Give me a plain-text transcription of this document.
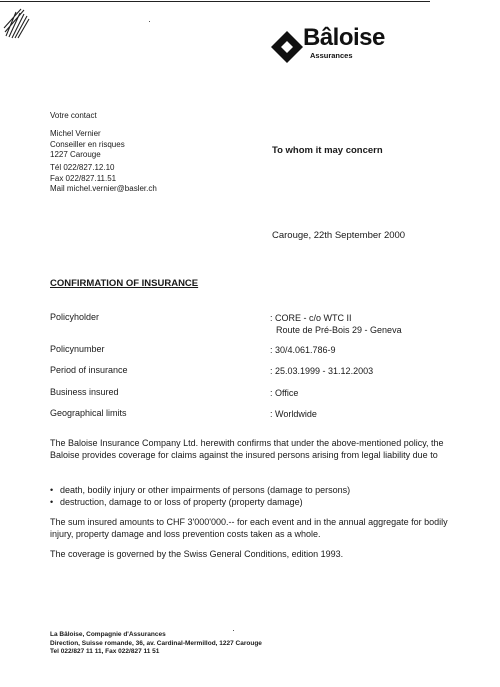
Bâloise
Assurances
Votre contact
Michel Vernier
Conseiller en risques
1227 Carouge
Tél 022/827.12.10
Fax 022/827.11.51
Mail michel.vernier@basler.ch
To whom it may concern
Carouge, 22th September 2000
CONFIRMATION OF INSURANCE
Policyholder	: CORE - c/o WTC II
Route de Pré-Bois 29 - Geneva
Policynumber	: 30/4.061.786-9
Period of insurance	: 25.03.1999 - 31.12.2003
Business insured	: Office
Geographical limits	: Worldwide
The Baloise Insurance Company Ltd. herewith confirms that under the above-mentioned policy, the Baloise provides coverage for claims against the insured persons arising from legal liability due to
• death, bodily injury or other impairments of persons (damage to persons)
• destruction, damage to or loss of property (property damage)
The sum insured amounts to CHF 3'000'000.-- for each event and in the annual aggregate for bodily injury, property damage and loss prevention costs taken as a whole.
The coverage is governed by the Swiss General Conditions, edition 1993.
La Bâloise, Compagnie d'Assurances
Direction, Suisse romande, 36, av. Cardinal-Mermillod, 1227 Carouge
Tel 022/827 11 11, Fax 022/827 11 51
